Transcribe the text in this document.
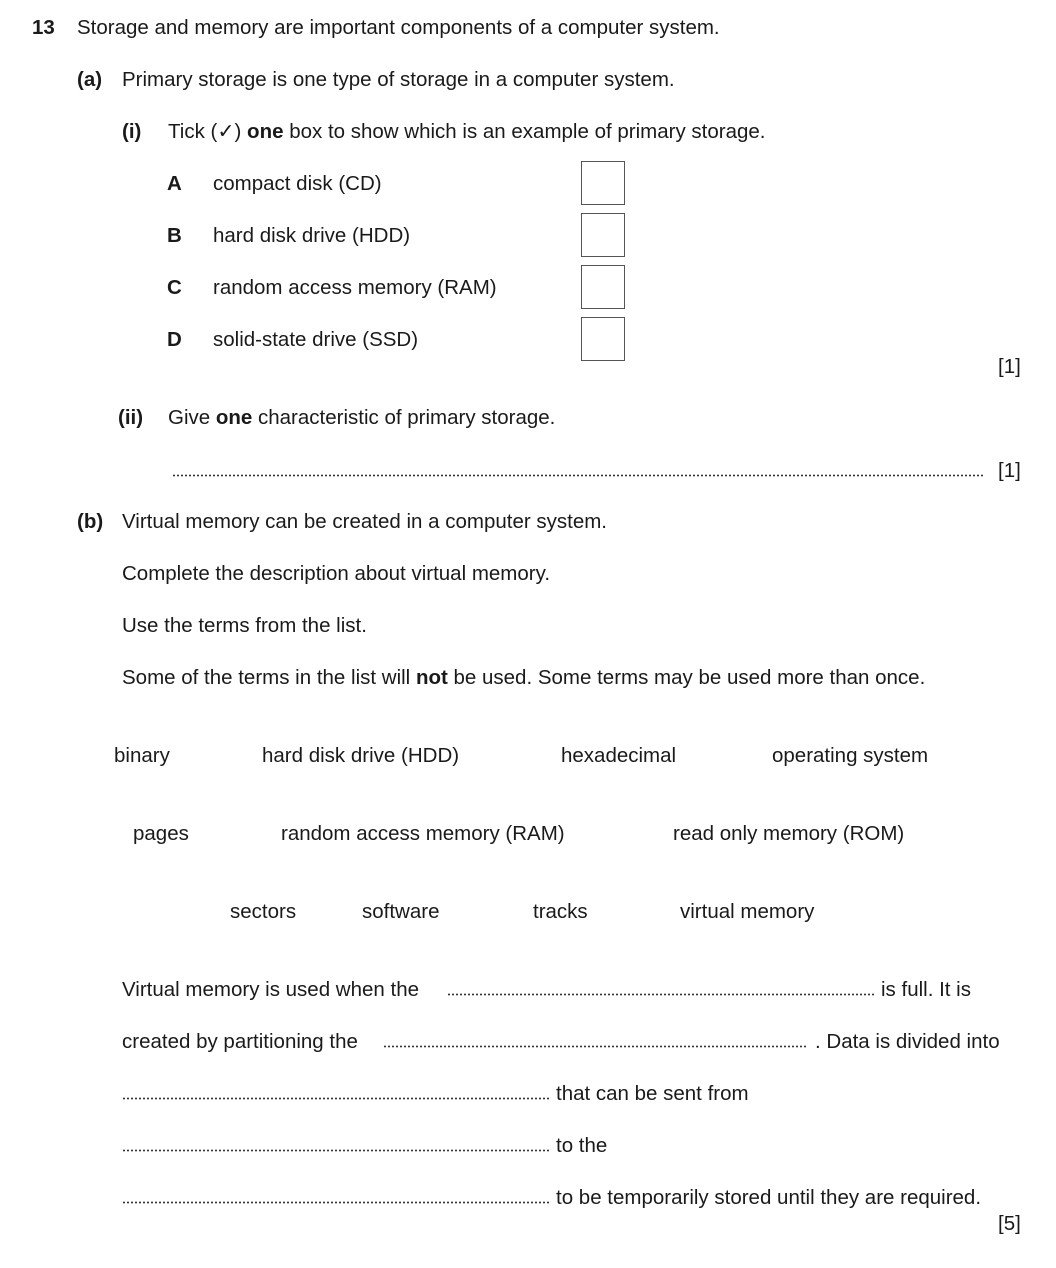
13 Storage and memory are important components of a computer system.
(a) Primary storage is one type of storage in a computer system.
(i) Tick (✓) one box to show which is an example of primary storage.
A compact disk (CD)
B hard disk drive (HDD)
C random access memory (RAM)
D solid-state drive (SSD)
[1]
(ii) Give one characteristic of primary storage.
[1]
(b) Virtual memory can be created in a computer system.
Complete the description about virtual memory.
Use the terms from the list.
Some of the terms in the list will not be used. Some terms may be used more than once.
binary	hard disk drive (HDD)	hexadecimal	operating system
pages	random access memory (RAM)	read only memory (ROM)
sectors	software	tracks	virtual memory
Virtual memory is used when the	is full. It is
created by partitioning the	. Data is divided into
that can be sent from
to the
to be temporarily stored until they are required.
[5]
